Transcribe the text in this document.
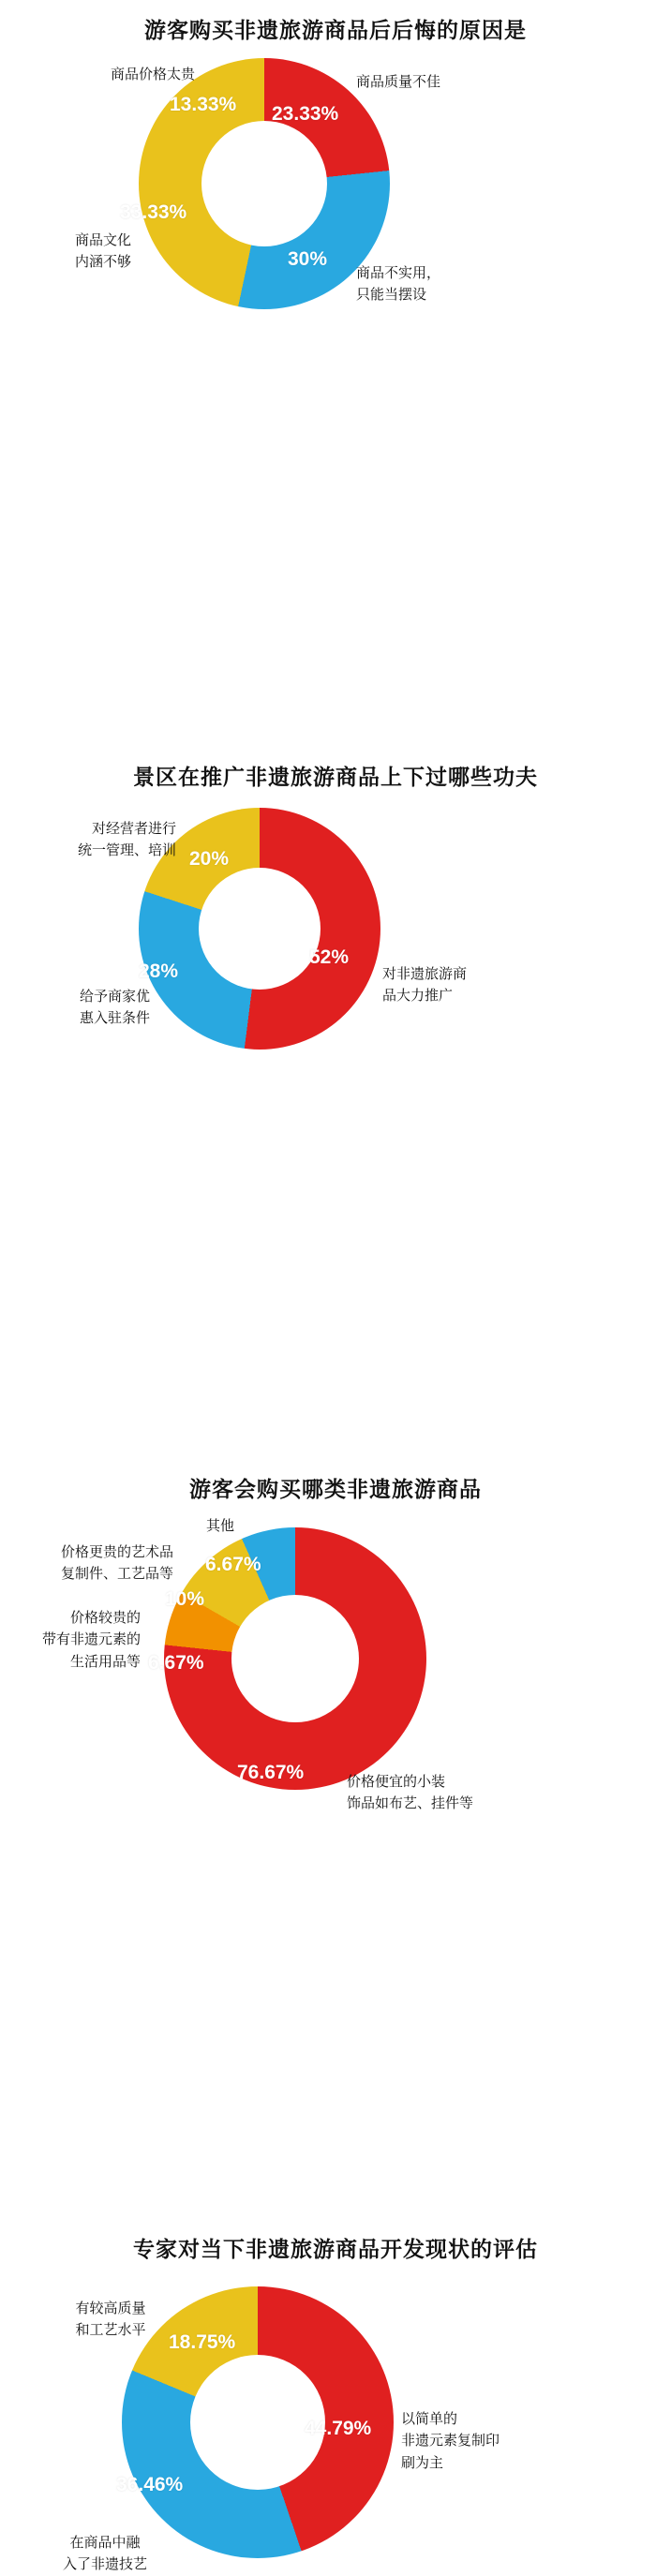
游客购买非遗旅游商品后后悔的原因是
23.33%
30%
33.33%
13.33%
商品质量不佳
商品不实用，
只能当摆设
商品文化
内涵不够
商品价格太贵
景区在推广非遗旅游商品上下过哪些功夫
52%
28%
20%
对非遗旅游商
品大力推广
给予商家优
惠入驻条件
对经营者进行
统一管理、培训
游客会购买哪类非遗旅游商品
76.67%
6.67%
10%
6.67%
价格便宜的小装
饰品如布艺、挂件等
价格较贵的
带有非遗元素的
生活用品等
价格更贵的艺术品
复制件、工艺品等
其他
专家对当下非遗旅游商品开发现状的评估
44.79%
36.46%
18.75%
以简单的
非遗元素复制印
刷为主
在商品中融
入了非遗技艺
有较高质量
和工艺水平
